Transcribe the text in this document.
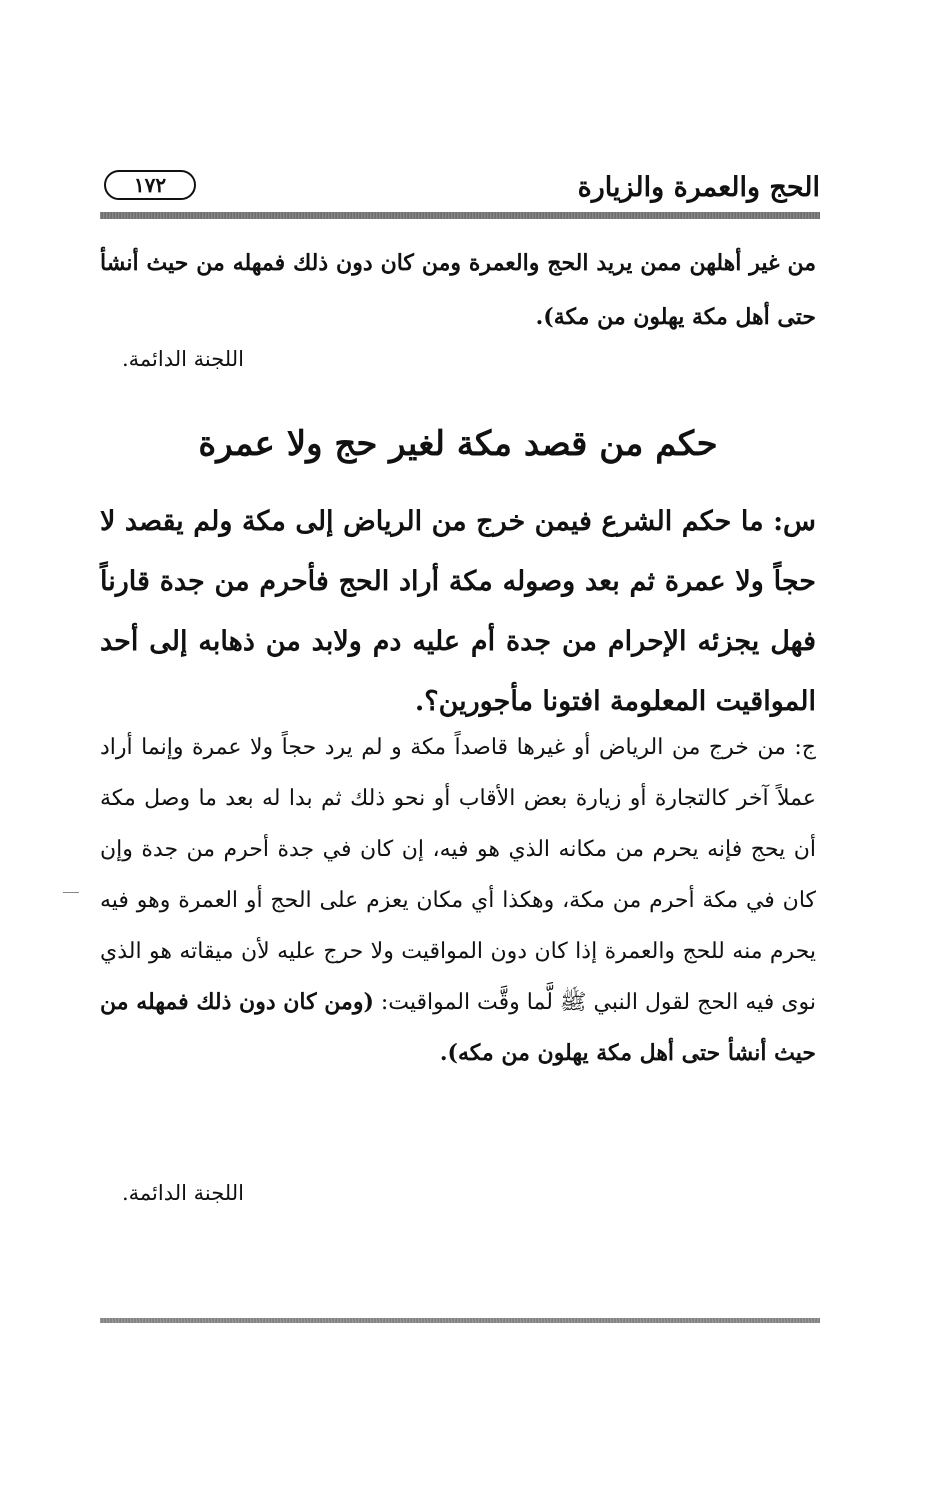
الحج والعمرة والزيارة
١٧٢
من غير أهلهن ممن يريد الحج والعمرة ومن كان دون ذلك فمهله من حيث أنشأ حتى أهل مكة يهلون من مكة).
اللجنة الدائمة.
حكم من قصد مكة لغير حج ولا عمرة
س: ما حكم الشرع فيمن خرج من الرياض إلى مكة ولم يقصد لا حجاً ولا عمرة ثم بعد وصوله مكة أراد الحج فأحرم من جدة قارناً فهل يجزئه الإحرام من جدة أم عليه دم ولابد من ذهابه إلى أحد المواقيت المعلومة افتونا مأجورين؟.
ج: من خرج من الرياض أو غيرها قاصداً مكة و لم يرد حجاً ولا عمرة وإنما أراد عملاً آخر كالتجارة أو زيارة بعض الأقاب أو نحو ذلك ثم بدا له بعد ما وصل مكة أن يحج فإنه يحرم من مكانه الذي هو فيه، إن كان في جدة أحرم من جدة وإن كان في مكة أحرم من مكة، وهكذا أي مكان يعزم على الحج أو العمرة وهو فيه يحرم منه للحج والعمرة إذا كان دون المواقيت ولا حرج عليه لأن ميقاته هو الذي نوى فيه الحج لقول النبي ﷺ لَّما وقَّت المواقيت: (ومن كان دون ذلك فمهله من حيث أنشأ حتى أهل مكة يهلون من مكه).
اللجنة الدائمة.
